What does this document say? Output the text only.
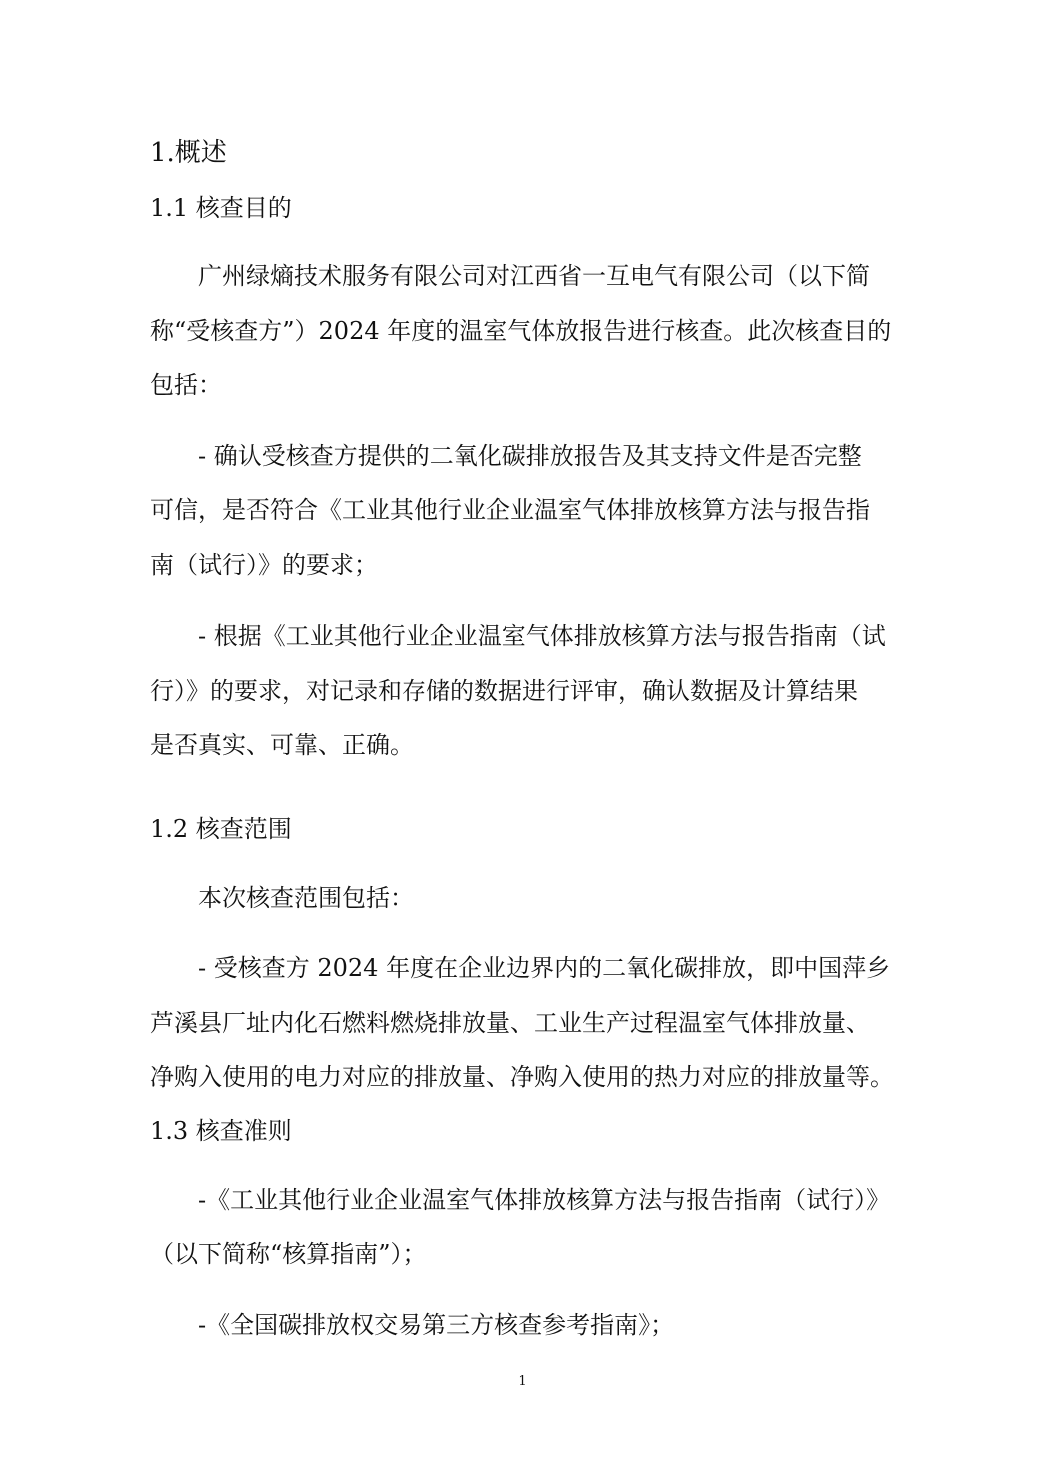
1.概述
1.1 核查目的
广州绿熵技术服务有限公司对江西省一互电气有限公司（以下简
称“受核查方”）2024 年度的温室气体放报告进行核查。此次核查目的
包括：
- 确认受核查方提供的二氧化碳排放报告及其支持文件是否完整
可信，是否符合《工业其他行业企业温室气体排放核算方法与报告指
南（试行）》的要求；
- 根据《工业其他行业企业温室气体排放核算方法与报告指南（试
行）》的要求，对记录和存储的数据进行评审，确认数据及计算结果
是否真实、可靠、正确。
1.2 核查范围
本次核查范围包括：
- 受核查方 2024 年度在企业边界内的二氧化碳排放，即中国萍乡
芦溪县厂址内化石燃料燃烧排放量、工业生产过程温室气体排放量、
净购入使用的电力对应的排放量、净购入使用的热力对应的排放量等。
1.3 核查准则
-《工业其他行业企业温室气体排放核算方法与报告指南（试行）》
（以下简称“核算指南”）；
-《全国碳排放权交易第三方核查参考指南》；
1
